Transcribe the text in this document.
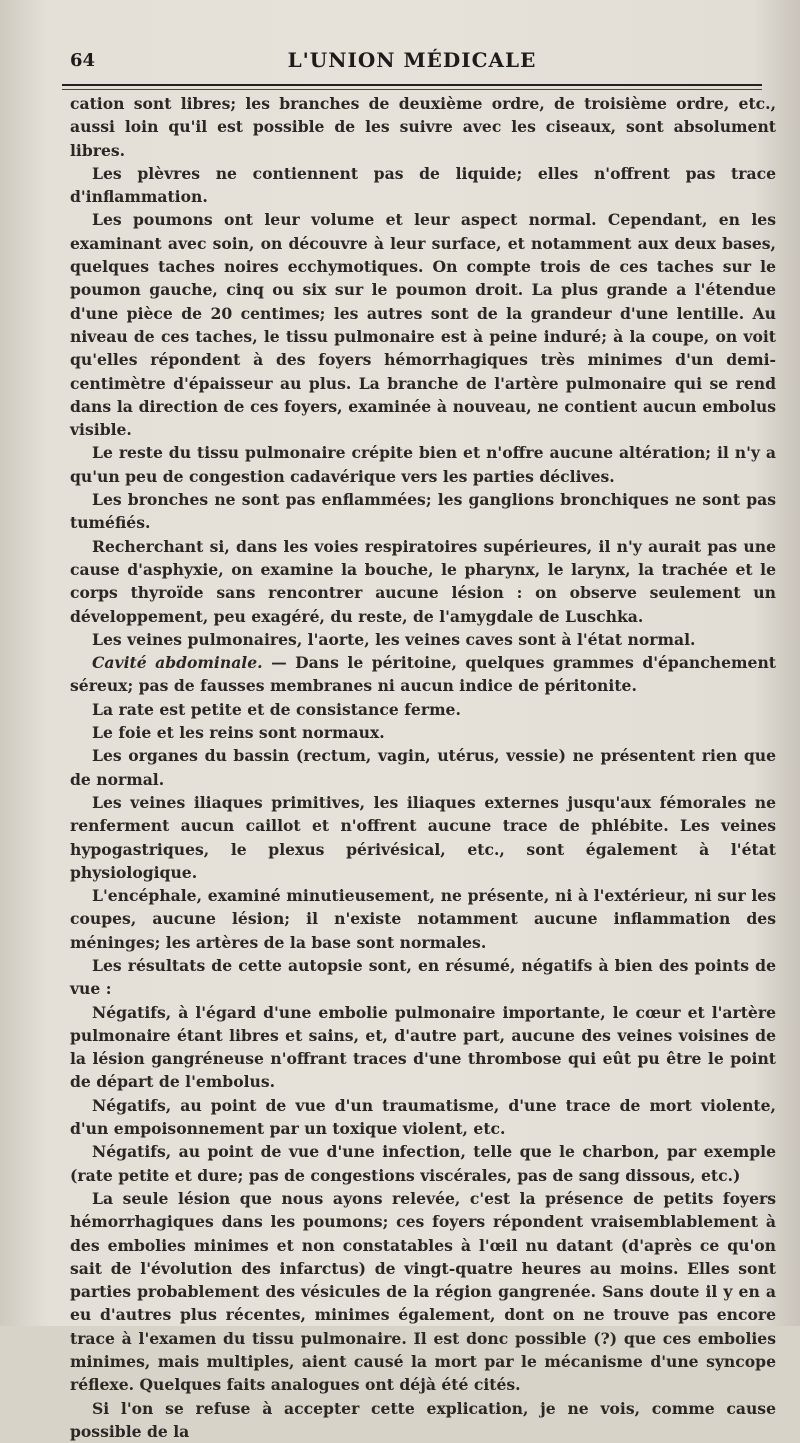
64	L'UNION MÉDICALE

cation sont libres; les branches de deuxième ordre, de troisième ordre, etc., aussi loin qu'il est possible de les suivre avec les ciseaux, sont absolument libres.

Les plèvres ne contiennent pas de liquide; elles n'offrent pas trace d'inflammation.

Les poumons ont leur volume et leur aspect normal. Cependant, en les examinant avec soin, on découvre à leur surface, et notamment aux deux bases, quelques taches noires ecchymotiques. On compte trois de ces taches sur le poumon gauche, cinq ou six sur le poumon droit. La plus grande a l'étendue d'une pièce de 20 centimes; les autres sont de la grandeur d'une lentille. Au niveau de ces taches, le tissu pulmonaire est à peine induré; à la coupe, on voit qu'elles répondent à des foyers hémorrhagiques très minimes d'un demi-centimètre d'épaisseur au plus. La branche de l'artère pulmonaire qui se rend dans la direction de ces foyers, examinée à nouveau, ne contient aucun embolus visible.

Le reste du tissu pulmonaire crépite bien et n'offre aucune altération; il n'y a qu'un peu de congestion cadavérique vers les parties déclives.

Les bronches ne sont pas enflammées; les ganglions bronchiques ne sont pas tuméfiés.

Recherchant si, dans les voies respiratoires supérieures, il n'y aurait pas une cause d'asphyxie, on examine la bouche, le pharynx, le larynx, la trachée et le corps thyroïde sans rencontrer aucune lésion : on observe seulement un développement, peu exagéré, du reste, de l'amygdale de Luschka.

Les veines pulmonaires, l'aorte, les veines caves sont à l'état normal.

Cavité abdominale. — Dans le péritoine, quelques grammes d'épanchement séreux; pas de fausses membranes ni aucun indice de péritonite.

La rate est petite et de consistance ferme.

Le foie et les reins sont normaux.

Les organes du bassin (rectum, vagin, utérus, vessie) ne présentent rien que de normal.

Les veines iliaques primitives, les iliaques externes jusqu'aux fémorales ne renferment aucun caillot et n'offrent aucune trace de phlébite. Les veines hypogastriques, le plexus périvésical, etc., sont également à l'état physiologique.

L'encéphale, examiné minutieusement, ne présente, ni à l'extérieur, ni sur les coupes, aucune lésion; il n'existe notamment aucune inflammation des méninges; les artères de la base sont normales.

Les résultats de cette autopsie sont, en résumé, négatifs à bien des points de vue :

Négatifs, à l'égard d'une embolie pulmonaire importante, le cœur et l'artère pulmonaire étant libres et sains, et, d'autre part, aucune des veines voisines de la lésion gangréneuse n'offrant traces d'une thrombose qui eût pu être le point de départ de l'embolus.

Négatifs, au point de vue d'un traumatisme, d'une trace de mort violente, d'un empoisonnement par un toxique violent, etc.

Négatifs, au point de vue d'une infection, telle que le charbon, par exemple (rate petite et dure; pas de congestions viscérales, pas de sang dissous, etc.)

La seule lésion que nous ayons relevée, c'est la présence de petits foyers hémorrhagiques dans les poumons; ces foyers répondent vraisemblablement à des embolies minimes et non constatables à l'œil nu datant (d'après ce qu'on sait de l'évolution des infarctus) de vingt-quatre heures au moins. Elles sont parties probablement des vésicules de la région gangrenée. Sans doute il y en a eu d'autres plus récentes, minimes également, dont on ne trouve pas encore trace à l'examen du tissu pulmonaire. Il est donc possible (?) que ces embolies minimes, mais multiples, aient causé la mort par le mécanisme d'une syncope réflexe. Quelques faits analogues ont déjà été cités.

Si l'on se refuse à accepter cette explication, je ne vois, comme cause possible de la
